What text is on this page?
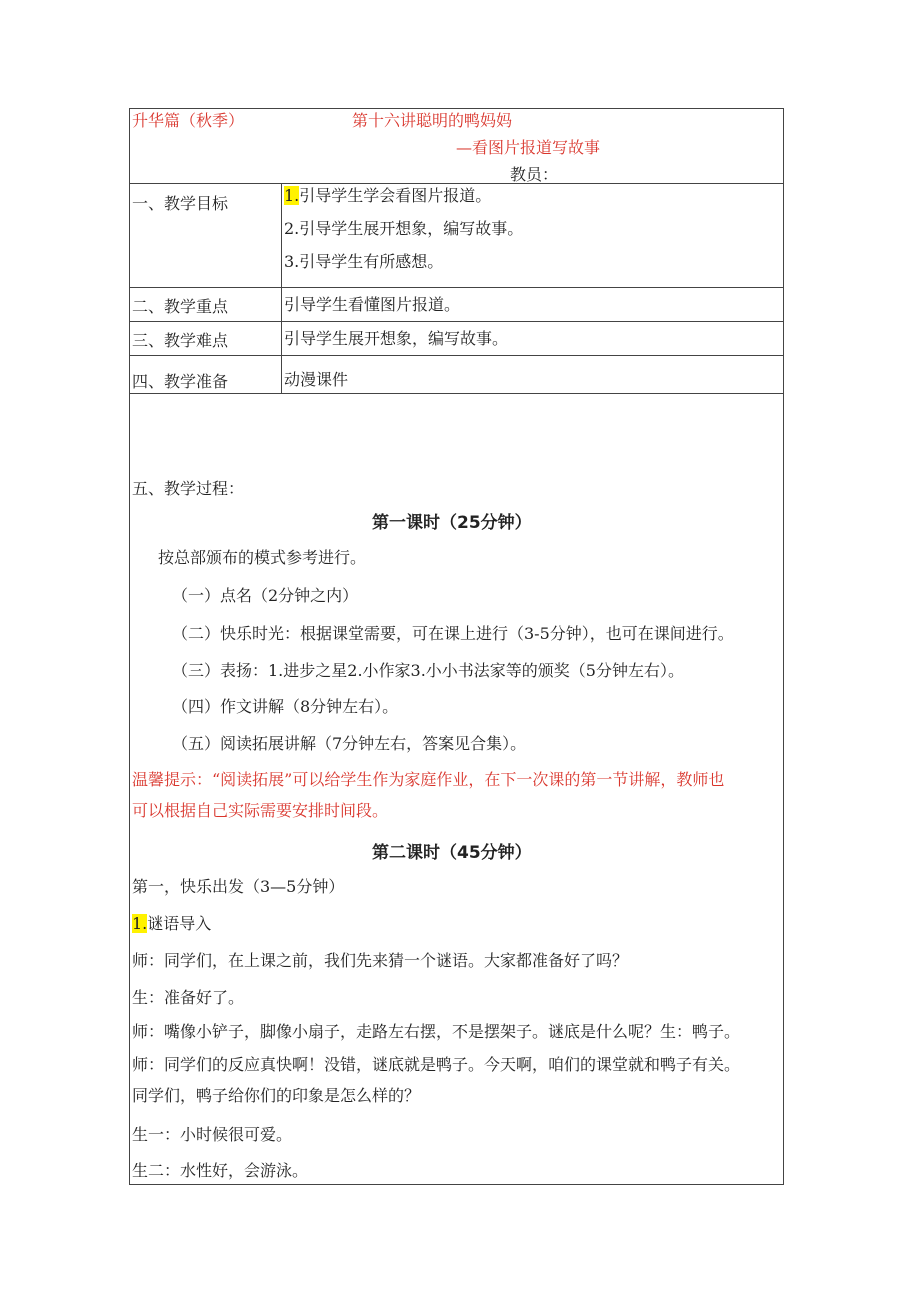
升华篇（秋季）	第十六讲聪明的鸭妈妈
—看图片报道写故事
教员：
一、教学目标	1.引导学生学会看图片报道。
2.引导学生展开想象，编写故事。
3.引导学生有所感想。
二、教学重点	引导学生看懂图片报道。
三、教学难点	引导学生展开想象，编写故事。
四、教学准备	动漫课件
五、教学过程：
第一课时（25分钟）
按总部颁布的模式参考进行。
（一）点名（2分钟之内）
（二）快乐时光：根据课堂需要，可在课上进行（3-5分钟），也可在课间进行。
（三）表扬：1.进步之星2.小作家3.小小书法家等的颁奖（5分钟左右）。
（四）作文讲解（8分钟左右）。
（五）阅读拓展讲解（7分钟左右，答案见合集）。
温馨提示：“阅读拓展”可以给学生作为家庭作业，在下一次课的第一节讲解，教师也
可以根据自己实际需要安排时间段。
第二课时（45分钟）
第一，快乐出发（3—5分钟）
1.谜语导入
师：同学们，在上课之前，我们先来猜一个谜语。大家都准备好了吗？
生：准备好了。
师：嘴像小铲子，脚像小扇子，走路左右摆，不是摆架子。谜底是什么呢？生：鸭子。
师：同学们的反应真快啊！没错，谜底就是鸭子。今天啊，咱们的课堂就和鸭子有关。
同学们，鸭子给你们的印象是怎么样的？
生一：小时候很可爱。
生二：水性好，会游泳。
